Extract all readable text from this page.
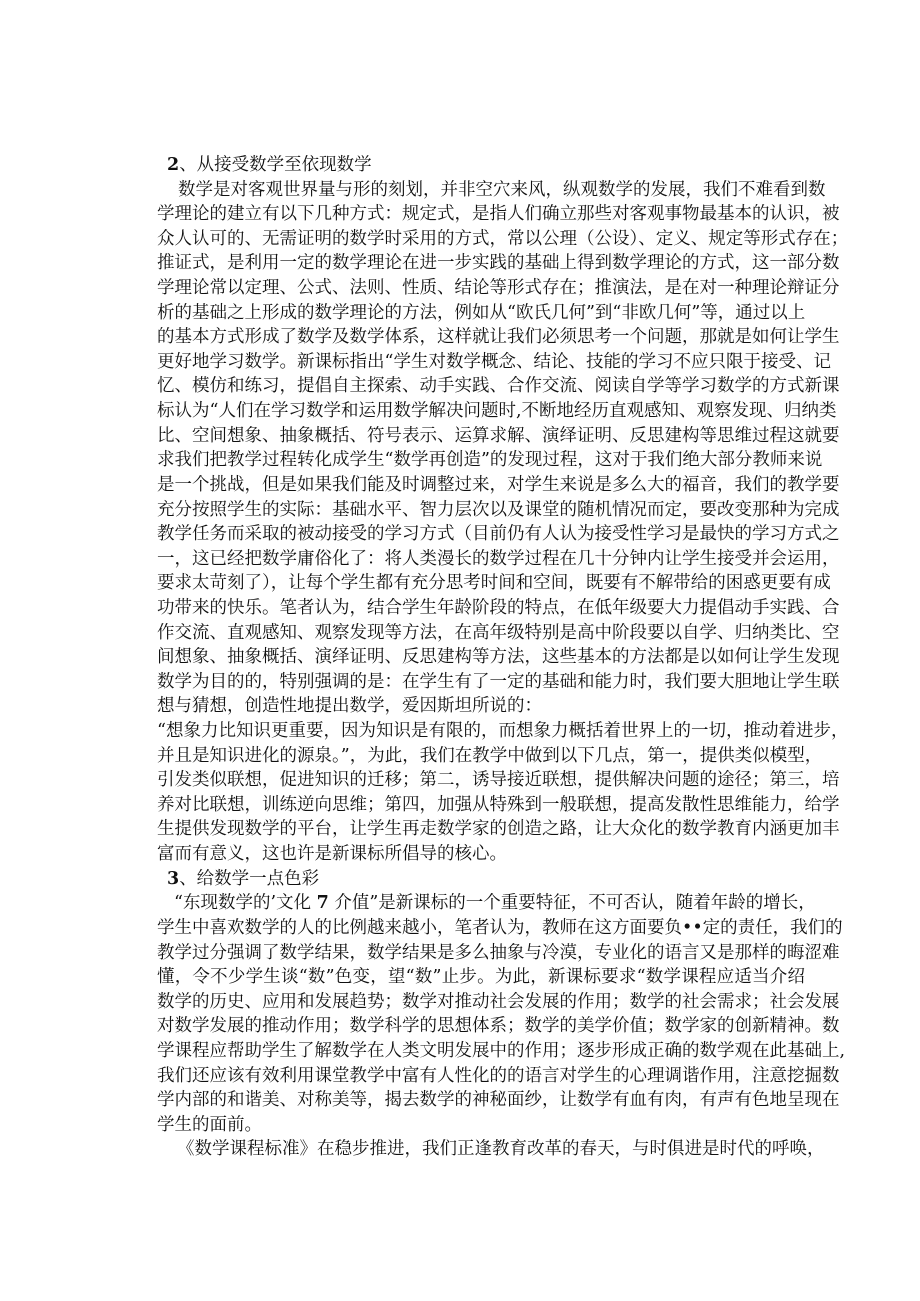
2、从接受数学至依现数学
数学是对客观世界量与形的刻划，并非空穴来风，纵观数学的发展，我们不难看到数
学理论的建立有以下几种方式：规定式，是指人们确立那些对客观事物最基本的认识，被
众人认可的、无需证明的数学时采用的方式，常以公理（公设）、定义、规定等形式存在；
推证式，是利用一定的数学理论在进一步实践的基础上得到数学理论的方式，这一部分数
学理论常以定理、公式、法则、性质、结论等形式存在；推演法，是在对一种理论辩证分
析的基础之上形成的数学理论的方法，例如从“欧氏几何”到“非欧几何”等，通过以上
的基本方式形成了数学及数学体系，这样就让我们必须思考一个问题，那就是如何让学生
更好地学习数学。新课标指出“学生对数学概念、结论、技能的学习不应只限于接受、记
忆、模仿和练习，提倡自主探索、动手实践、合作交流、阅读自学等学习数学的方式新课
标认为“人们在学习数学和运用数学解决问题时,不断地经历直观感知、观察发现、归纳类
比、空间想象、抽象概括、符号表示、运算求解、演绎证明、反思建构等思维过程这就要
求我们把教学过程转化成学生“数学再创造”的发现过程，这对于我们绝大部分教师来说
是一个挑战，但是如果我们能及时调整过来，对学生来说是多么大的福音，我们的教学要
充分按照学生的实际：基础水平、智力层次以及课堂的随机情况而定，要改变那种为完成
教学任务而采取的被动接受的学习方式（目前仍有人认为接受性学习是最快的学习方式之
一，这已经把数学庸俗化了：将人类漫长的数学过程在几十分钟内让学生接受并会运用，
要求太苛刻了），让每个学生都有充分思考时间和空间，既要有不解带给的困惑更要有成
功带来的快乐。笔者认为，结合学生年龄阶段的特点，在低年级要大力提倡动手实践、合
作交流、直观感知、观察发现等方法，在高年级特别是高中阶段要以自学、归纳类比、空
间想象、抽象概括、演绎证明、反思建构等方法，这些基本的方法都是以如何让学生发现
数学为目的的，特别强调的是：在学生有了一定的基础和能力时，我们要大胆地让学生联
想与猜想，创造性地提出数学，爱因斯坦所说的：
“想象力比知识更重要，因为知识是有限的，而想象力概括着世界上的一切，推动着进步，
并且是知识进化的源泉。”，为此，我们在教学中做到以下几点，第一，提供类似模型，
引发类似联想，促进知识的迁移；第二，诱导接近联想，提供解决问题的途径；第三，培
养对比联想，训练逆向思维；第四，加强从特殊到一般联想，提高发散性思维能力，给学
生提供发现数学的平台，让学生再走数学家的创造之路，让大众化的数学教育内涵更加丰
富而有意义，这也许是新课标所倡导的核心。
3、给数学一点色彩
“东现数学的’文化 7 介值”是新课标的一个重要特征，不可否认，随着年龄的增长，
学生中喜欢数学的人的比例越来越小，笔者认为，教师在这方面要负••定的责任，我们的
教学过分强调了数学结果，数学结果是多么抽象与冷漠，专业化的语言又是那样的晦涩难
懂，令不少学生谈“数”色变，望“数”止步。为此，新课标要求“数学课程应适当介绍
数学的历史、应用和发展趋势；数学对推动社会发展的作用；数学的社会需求；社会发展
对数学发展的推动作用；数学科学的思想体系；数学的美学价值；数学家的创新精神。数
学课程应帮助学生了解数学在人类文明发展中的作用；逐步形成正确的数学观在此基础上,
我们还应该有效利用课堂教学中富有人性化的的语言对学生的心理调谐作用，注意挖掘数
学内部的和谐美、对称美等，揭去数学的神秘面纱，让数学有血有肉，有声有色地呈现在
学生的面前。
《数学课程标准》在稳步推进，我们正逢教育改革的春天，与时俱进是时代的呼唤，
